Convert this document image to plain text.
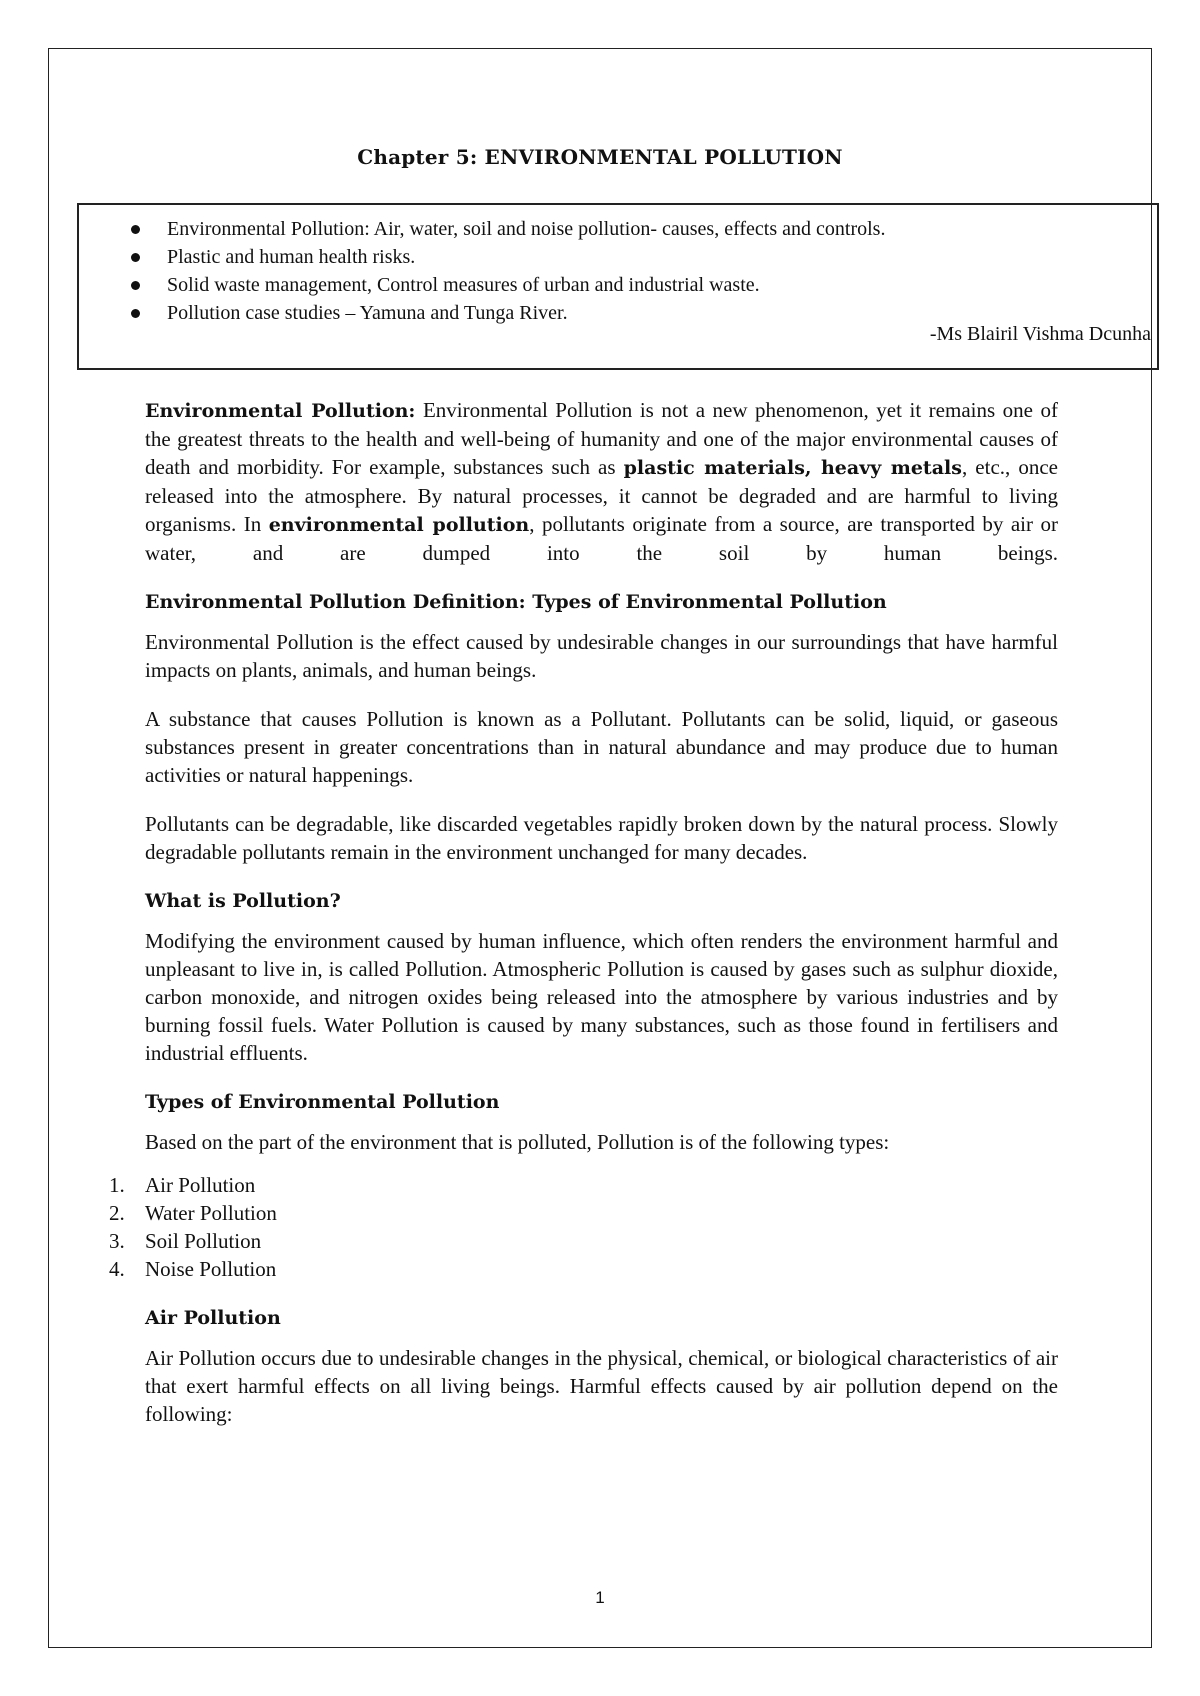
Chapter 5: ENVIRONMENTAL POLLUTION
Environmental Pollution: Air, water, soil and noise pollution- causes, effects and controls.
Plastic and human health risks.
Solid waste management, Control measures of urban and industrial waste.
Pollution case studies – Yamuna and Tunga River.
-Ms Blairil Vishma Dcunha

Environmental Pollution: Environmental Pollution is not a new phenomenon, yet it remains one of the greatest threats to the health and well-being of humanity and one of the major environmental causes of death and morbidity. For example, substances such as plastic materials, heavy metals, etc., once released into the atmosphere. By natural processes, it cannot be degraded and are harmful to living organisms. In environmental pollution, pollutants originate from a source, are transported by air or water, and are dumped into the soil by human beings.

Environmental Pollution Definition: Types of Environmental Pollution

Environmental Pollution is the effect caused by undesirable changes in our surroundings that have harmful impacts on plants, animals, and human beings.

A substance that causes Pollution is known as a Pollutant. Pollutants can be solid, liquid, or gaseous substances present in greater concentrations than in natural abundance and may produce due to human activities or natural happenings.

Pollutants can be degradable, like discarded vegetables rapidly broken down by the natural process. Slowly degradable pollutants remain in the environment unchanged for many decades.

What is Pollution?

Modifying the environment caused by human influence, which often renders the environment harmful and unpleasant to live in, is called Pollution. Atmospheric Pollution is caused by gases such as sulphur dioxide, carbon monoxide, and nitrogen oxides being released into the atmosphere by various industries and by burning fossil fuels. Water Pollution is caused by many substances, such as those found in fertilisers and industrial effluents.

Types of Environmental Pollution

Based on the part of the environment that is polluted, Pollution is of the following types:

1. Air Pollution
2. Water Pollution
3. Soil Pollution
4. Noise Pollution
Air Pollution

Air Pollution occurs due to undesirable changes in the physical, chemical, or biological characteristics of air that exert harmful effects on all living beings. Harmful effects caused by air pollution depend on the following:

1
